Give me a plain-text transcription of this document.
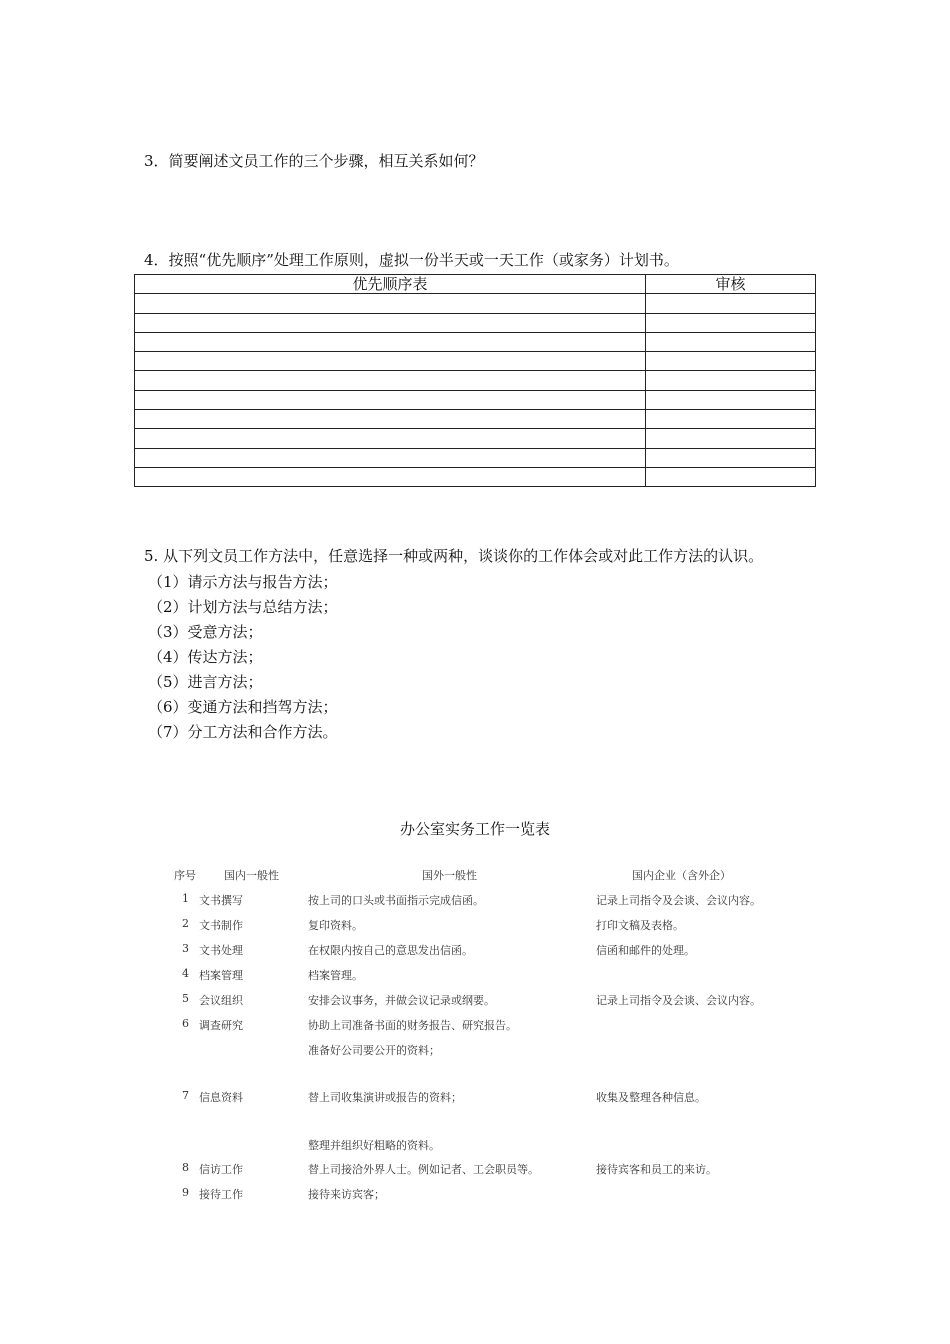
3．简要阐述文员工作的三个步骤，相互关系如何？
4．按照“优先顺序”处理工作原则，虚拟一份半天或一天工作（或家务）计划书。
优先顺序表	审核

5. 从下列文员工作方法中，任意选择一种或两种，谈谈你的工作体会或对此工作方法的认识。
（1）请示方法与报告方法；
（2）计划方法与总结方法；
（3）受意方法；
（4）传达方法；
（5）进言方法；
（6）变通方法和挡驾方法；
（7）分工方法和合作方法。
办公室实务工作一览表
序号	国内一般性	国外一般性	国内企业（含外企）
1 文书撰写	按上司的口头或书面指示完成信函。	记录上司指令及会谈、会议内容。
2 文书制作	复印资料。	打印文稿及表格。
3 文书处理	在权限内按自己的意思发出信函。	信函和邮件的处理。
4 档案管理	档案管理。
5 会议组织	安排会议事务，并做会议记录或纲要。	记录上司指令及会谈、会议内容。
6 调查研究	协助上司准备书面的财务报告、研究报告。
准备好公司要公开的资料；
7 信息资料	替上司收集演讲或报告的资料；	收集及整理各种信息。
整理并组织好粗略的资料。
8 信访工作	替上司接洽外界人士。例如记者、工会职员等。	接待宾客和员工的来访。
9 接待工作	接待来访宾客；
